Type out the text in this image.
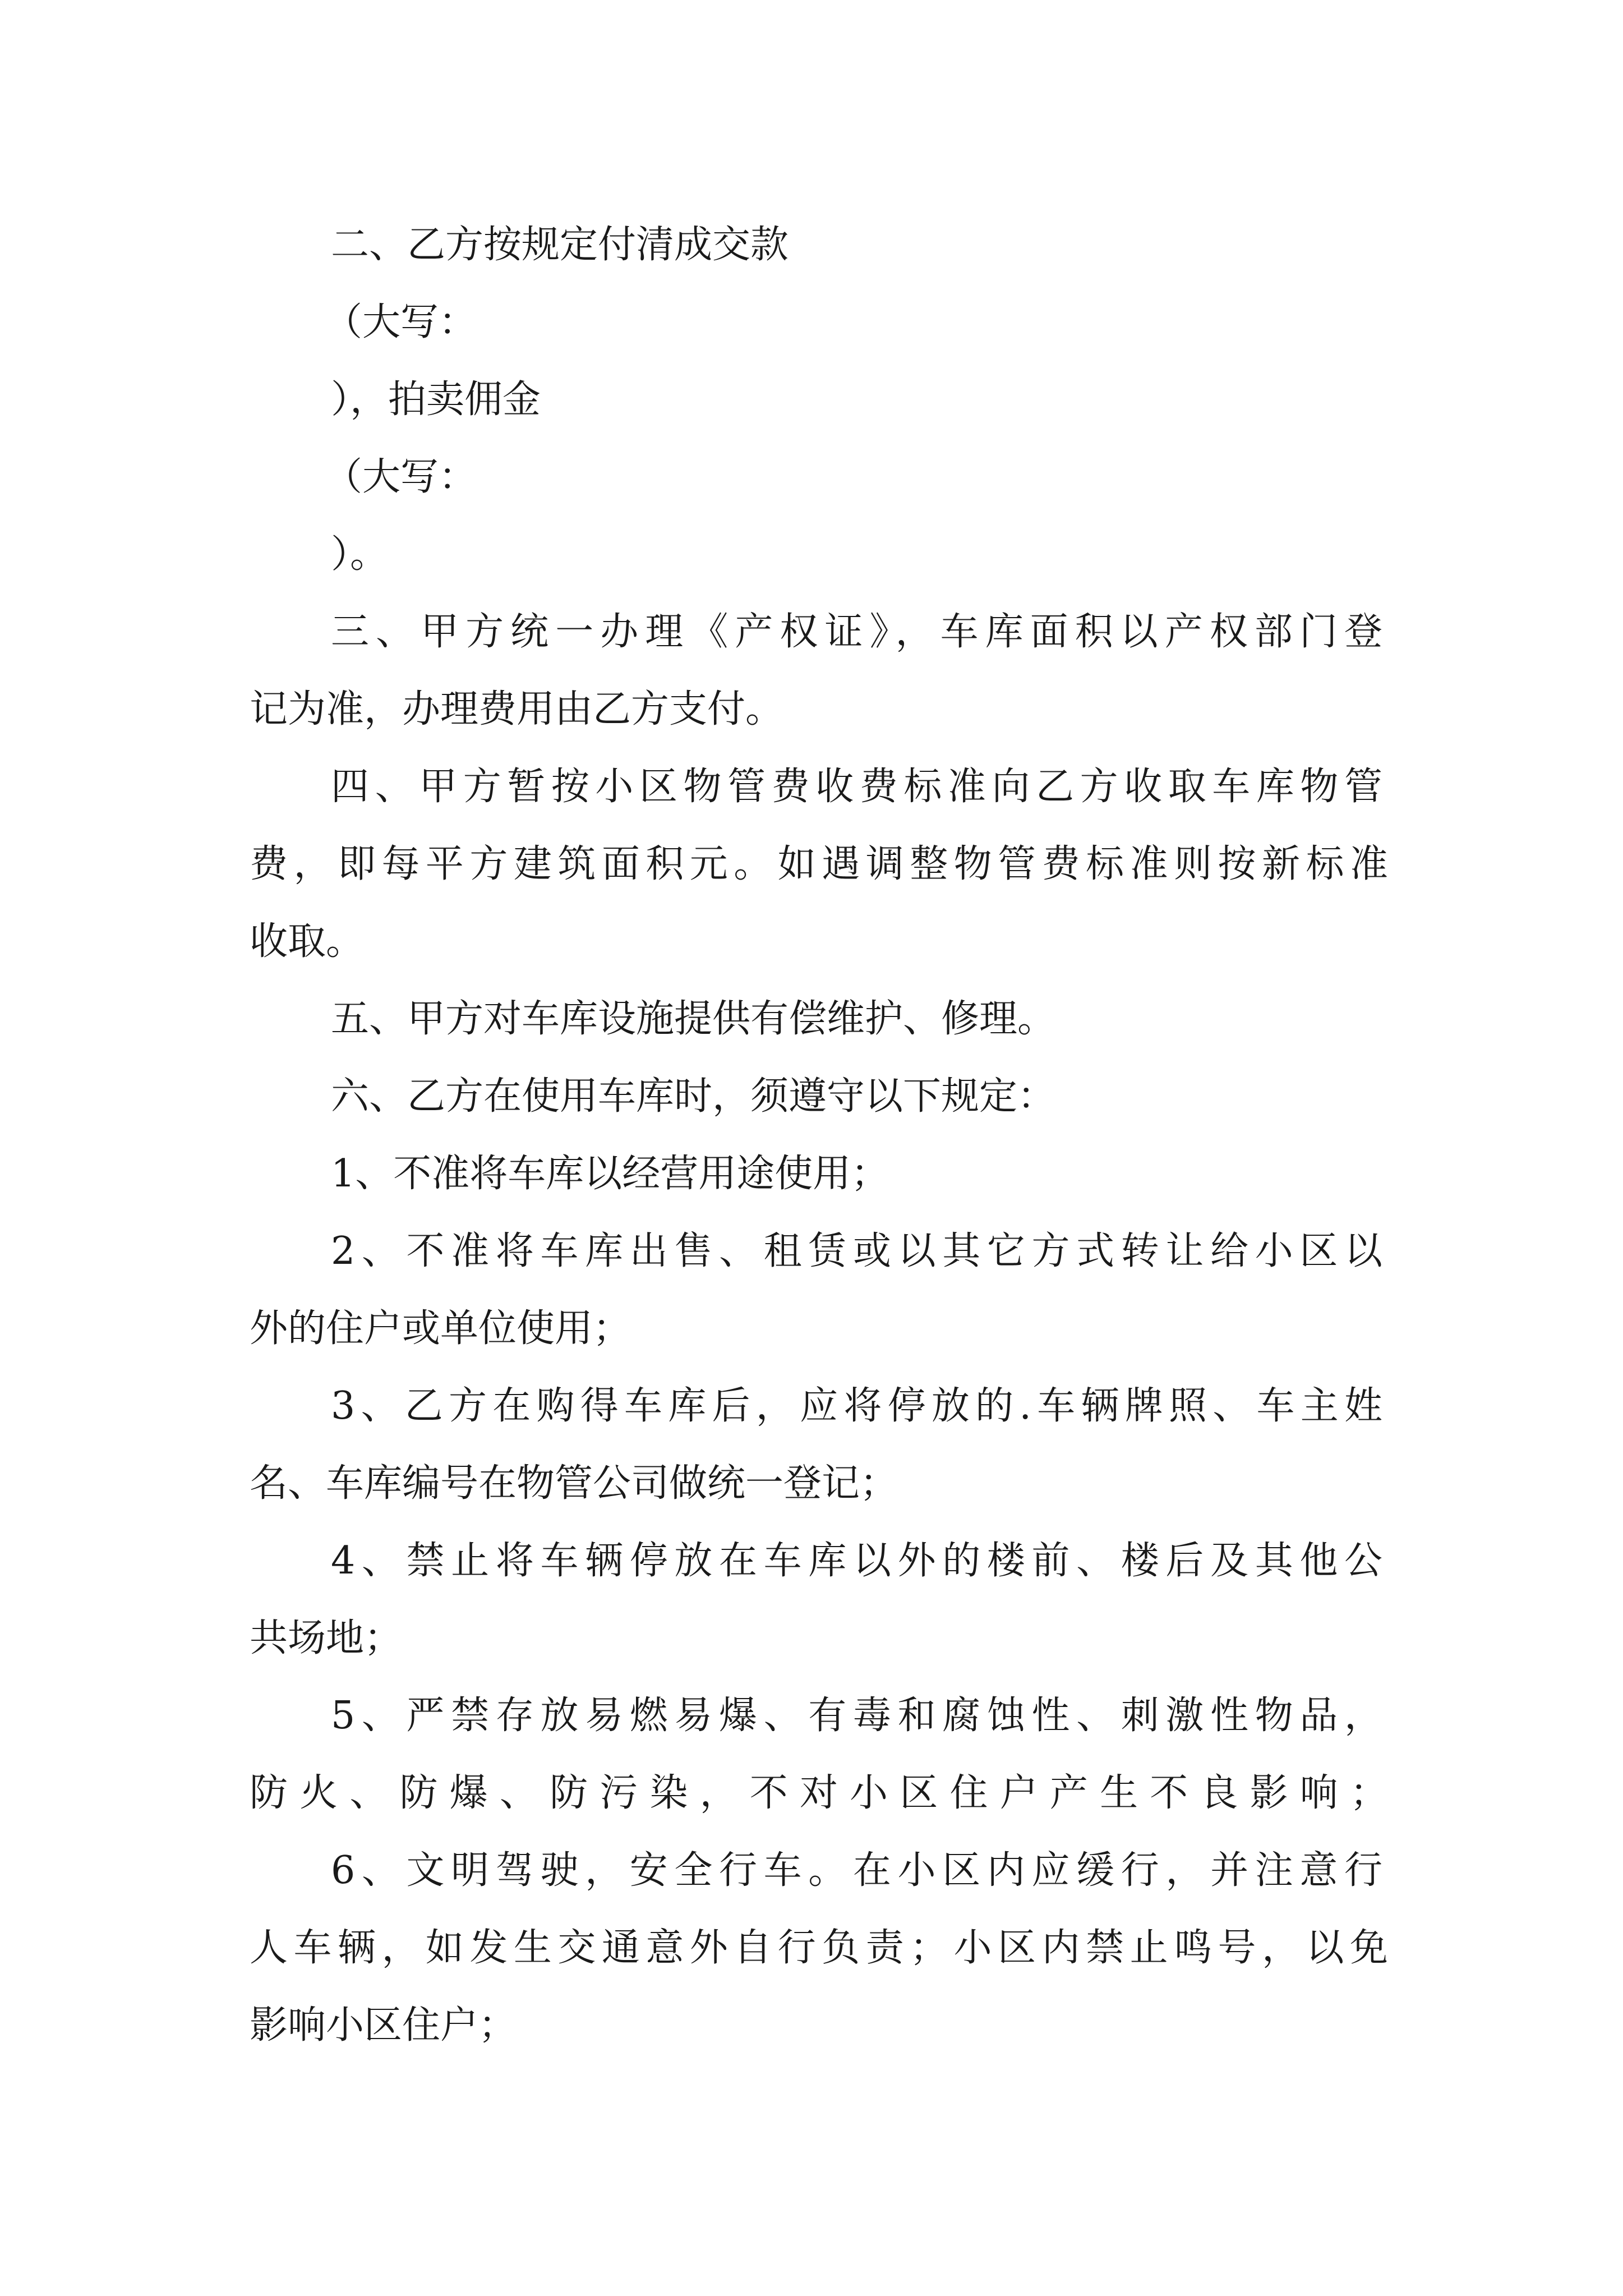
二、乙方按规定付清成交款

（大写：

），拍卖佣金

（大写：

）。

三、甲方统一办理《产权证》，车库面积以产权部门登

记为准，办理费用由乙方支付。

四、甲方暂按小区物管费收费标准向乙方收取车库物管

费，即每平方建筑面积元。如遇调整物管费标准则按新标准

收取。

五、甲方对车库设施提供有偿维护、修理。

六、乙方在使用车库时，须遵守以下规定：

1、不准将车库以经营用途使用；

2、不准将车库出售、租赁或以其它方式转让给小区以

外的住户或单位使用；

3、乙方在购得车库后，应将停放的.车辆牌照、车主姓

名、车库编号在物管公司做统一登记；

4、禁止将车辆停放在车库以外的楼前、楼后及其他公

共场地；

5、严禁存放易燃易爆、有毒和腐蚀性、刺激性物品，

防火、防爆、防污染，不对小区住户产生不良影响；

6、文明驾驶，安全行车。在小区内应缓行，并注意行

人车辆，如发生交通意外自行负责；小区内禁止鸣号，以免

影响小区住户；
